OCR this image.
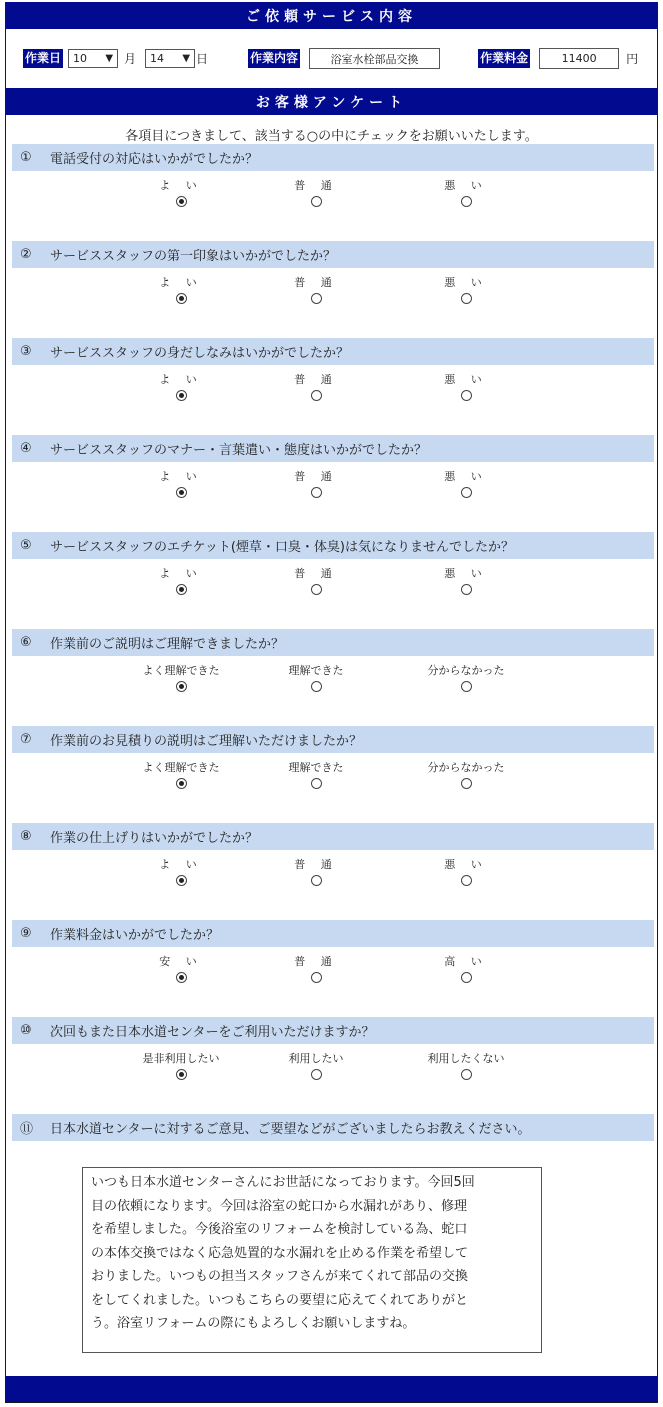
ご依頼サービス内容
作業日 10 ▼ 月 14 ▼ 日	作業内容	浴室水栓部品交換	作業料金	11400	円
お客様アンケート
各項目につきまして、該当する○の中にチェックをお願いいたします。
①	電話受付の対応はいかがでしたか？
よ い	普 通	悪 い
②	サービススタッフの第一印象はいかがでしたか？
よ い	普 通	悪 い
③	サービススタッフの身だしなみはいかがでしたか？
よ い	普 通	悪 い
④	サービススタッフのマナー・言葉遣い・態度はいかがでしたか？
よ い	普 通	悪 い
⑤	サービススタッフのエチケット(煙草・口臭・体臭)は気になりませんでしたか？
よ い	普 通	悪 い
⑥	作業前のご説明はご理解できましたか？
よく理解できた	理解できた	分からなかった
⑦	作業前のお見積りの説明はご理解いただけましたか？
よく理解できた	理解できた	分からなかった
⑧	作業の仕上げりはいかがでしたか？
よ い	普 通	悪 い
⑨	作業料金はいかがでしたか？
安 い	普 通	高 い
⑩	次回もまた日本水道センターをご利用いただけますか？
是非利用したい	利用したい	利用したくない
⑪	日本水道センターに対するご意見、ご要望などがございましたらお教えください。
いつも日本水道センターさんにお世話になっております。今回5回
目の依頼になります。今回は浴室の蛇口から水漏れがあり、修理
を希望しました。今後浴室のリフォームを検討している為、蛇口
の本体交換ではなく応急処置的な水漏れを止める作業を希望して
おりました。いつもの担当スタッフさんが来てくれて部品の交換
をしてくれました。いつもこちらの要望に応えてくれてありがと
う。浴室リフォームの際にもよろしくお願いしますね。
